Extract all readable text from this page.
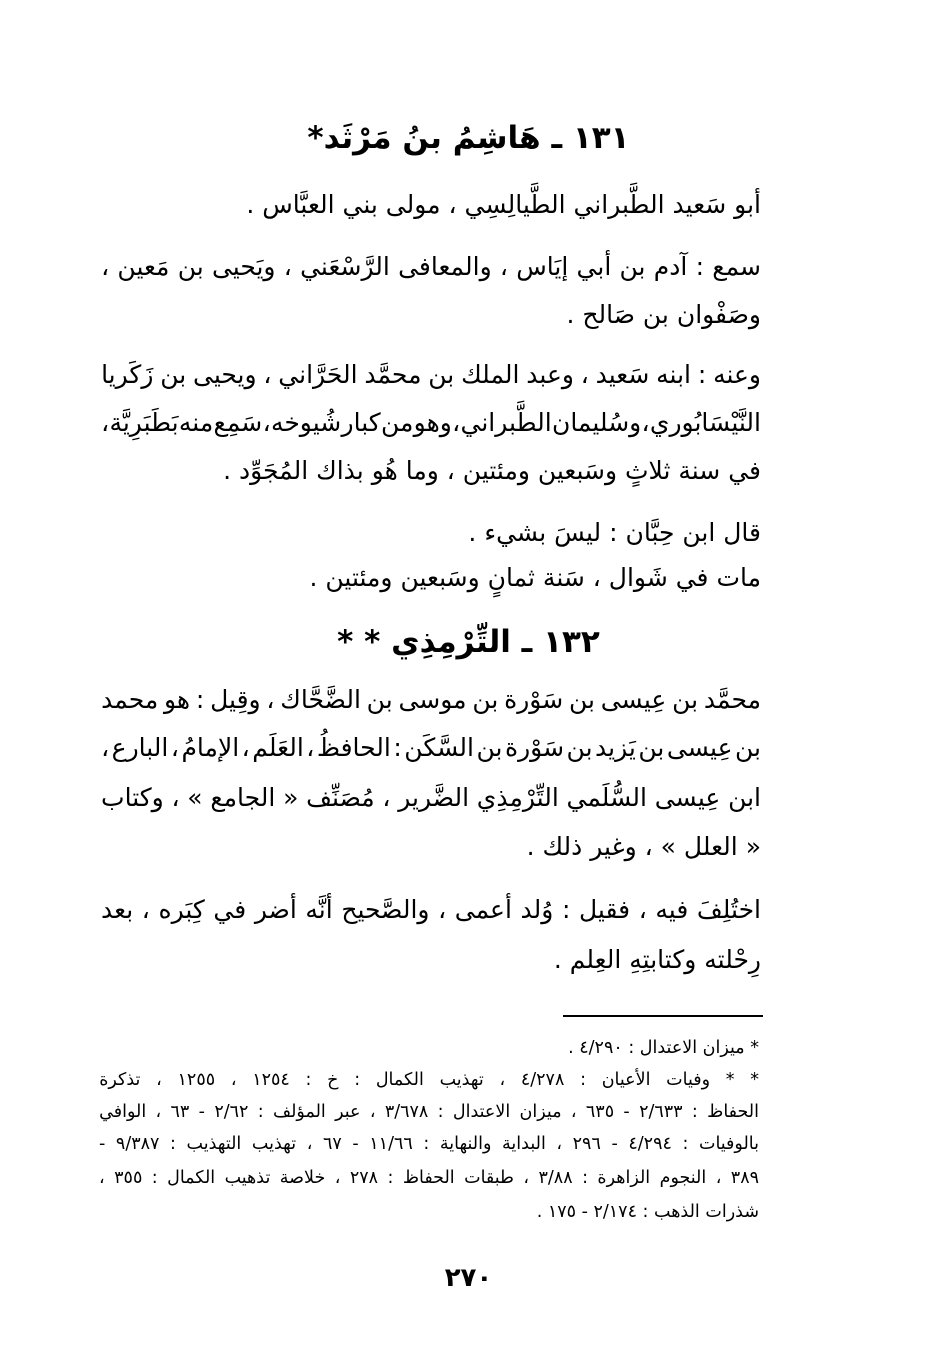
١٣١ ـ هَاشِمُ بنُ مَرْثَد*
أبو سَعيد الطَّبراني الطَّيالِسِي ، مولى بني العبَّاس .
سمع
:
آدم
بن
أبي
إيَاس
،
والمعافى
الرَّسْعَني
،
ويَحيى
بن
مَعين
،
وصَفْوان بن صَالح .
وعنه
:
ابنه
سَعيد
،
وعبد
الملك
بن
محمَّد
الحَرَّاني
،
ويحيى
بن
زَكَريا
النَّيْسَابُوري
،
وسُليمان
الطَّبراني
،
وهو
من
كبار
شُيوخه
،
سَمِع
منه
بَطَبَرِيَّة
،
في سنة ثلاثٍ وسَبعين ومئتين ، وما هُو بذاك المُجَوِّد .
قال ابن حِبَّان : ليسَ بشيء .
مات في شَوال ، سَنة ثمانٍ وسَبعين ومئتين .
١٣٢ ـ التِّرْمِذِي * *
محمَّد
بن
عِيسى
بن
سَوْرة
بن
موسى
بن
الضَّحَّاك
،
وقِيل
:
هو
محمد
بن
عِيسى
بن
يَزيد
بن
سَوْرة
بن
السَّكَن
:
الحافظُ
،
العَلَم
،
الإمامُ
،
البارع
،
ابن
عِيسى
السُّلَمي
التِّرْمِذِي
الضَّرير
،
مُصَنِّف
«
الجامع
»
،
وكتاب
« العلل » ، وغير ذلك .
اختُلِفَ
فيه
،
فقيل
:
وُلد
أعمى
،
والصَّحيح
أنَّه
أضر
في
كِبَره
،
بعد
رِحْلته وكتابتِهِ العِلم .
* ميزان الاعتدال : ٤/٢٩٠ .
*
*
وفيات
الأعيان
:
٤/٢٧٨
،
تهذيب
الكمال
:
خ
:
١٢٥٤
،
١٢٥٥
،
تذكرة
الحفاظ
:
٢/٦٣٣
-
٦٣٥
،
ميزان
الاعتدال
:
٣/٦٧٨
،
عبر
المؤلف
:
٢/٦٢
-
٦٣
،
الوافي
بالوفيات
:
٤/٢٩٤
-
٢٩٦
،
البداية
والنهاية
:
١١/٦٦
-
٦٧
،
تهذيب
التهذيب
:
٩/٣٨٧
-
٣٨٩
،
النجوم
الزاهرة
:
٣/٨٨
،
طبقات
الحفاظ
:
٢٧٨
،
خلاصة
تذهيب
الكمال
:
٣٥٥
،
شذرات الذهب : ٢/١٧٤ - ١٧٥ .
٢٧٠
